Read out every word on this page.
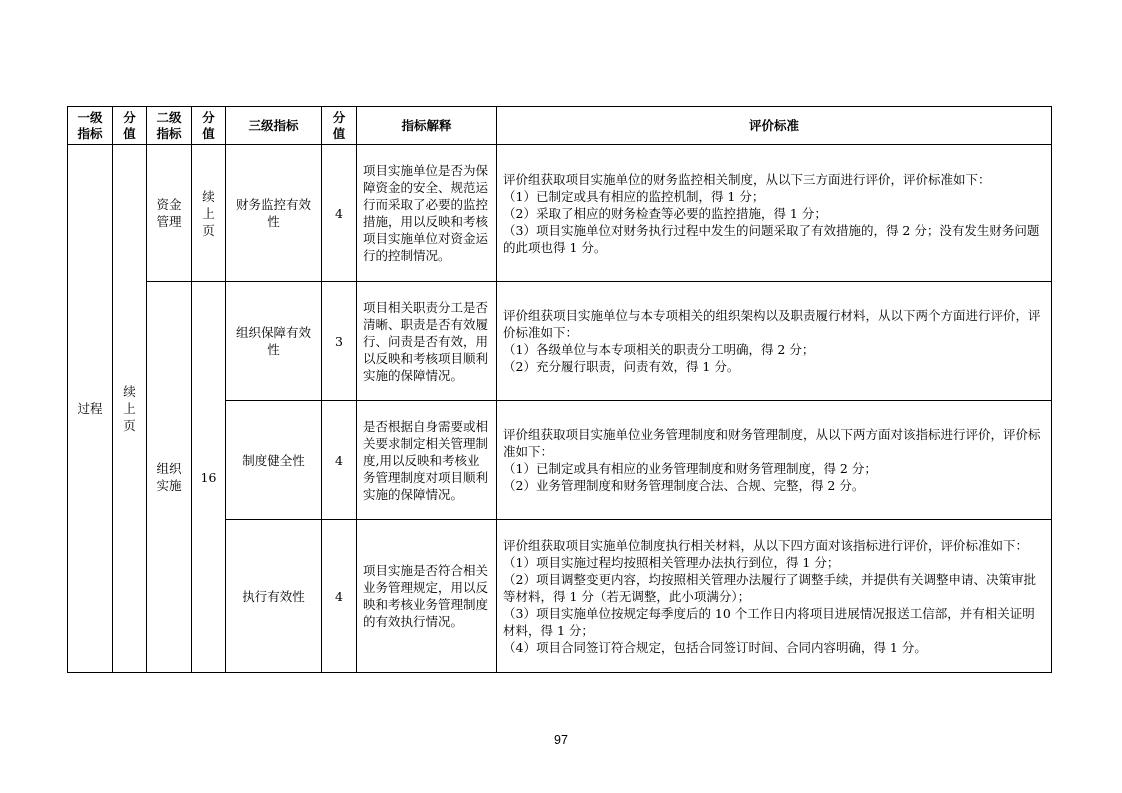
一级指标	分值	二级指标	分值	三级指标	分值	指标解释	评价标准
过程	续上页	资金管理	续上页	财务监控有效性	4	项目实施单位是否为保障资金的安全、规范运行而采取了必要的监控措施，用以反映和考核项目实施单位对资金运行的控制情况。	评价组获取项目实施单位的财务监控相关制度，从以下三方面进行评价，评价标准如下：
（1）已制定或具有相应的监控机制，得 1 分；
（2）采取了相应的财务检查等必要的监控措施，得 1 分；
（3）项目实施单位对财务执行过程中发生的问题采取了有效措施的，得 2 分；没有发生财务问题的此项也得 1 分。

		组织实施	16	组织保障有效性	3	项目相关职责分工是否清晰、职责是否有效履行、问责是否有效，用以反映和考核项目顺利实施的保障情况。	评价组获项目实施单位与本专项相关的组织架构以及职责履行材料，从以下两个方面进行评价，评价标准如下：
（1）各级单位与本专项相关的职责分工明确，得 2 分；
（2）充分履行职责，问责有效，得 1 分。

				制度健全性	4	是否根据自身需要或相关要求制定相关管理制度,用以反映和考核业务管理制度对项目顺利实施的保障情况。	评价组获取项目实施单位业务管理制度和财务管理制度，从以下两方面对该指标进行评价，评价标准如下：
（1）已制定或具有相应的业务管理制度和财务管理制度，得 2 分；
（2）业务管理制度和财务管理制度合法、合规、完整，得 2 分。

				执行有效性	4	项目实施是否符合相关业务管理规定，用以反映和考核业务管理制度的有效执行情况。	评价组获取项目实施单位制度执行相关材料，从以下四方面对该指标进行评价，评价标准如下：
（1）项目实施过程均按照相关管理办法执行到位，得 1 分；
（2）项目调整变更内容，均按照相关管理办法履行了调整手续，并提供有关调整申请、决策审批等材料，得 1 分（若无调整，此小项满分）；
（3）项目实施单位按规定每季度后的 10 个工作日内将项目进展情况报送工信部，并有相关证明材料，得 1 分；
（4）项目合同签订符合规定，包括合同签订时间、合同内容明确，得 1 分。
97
